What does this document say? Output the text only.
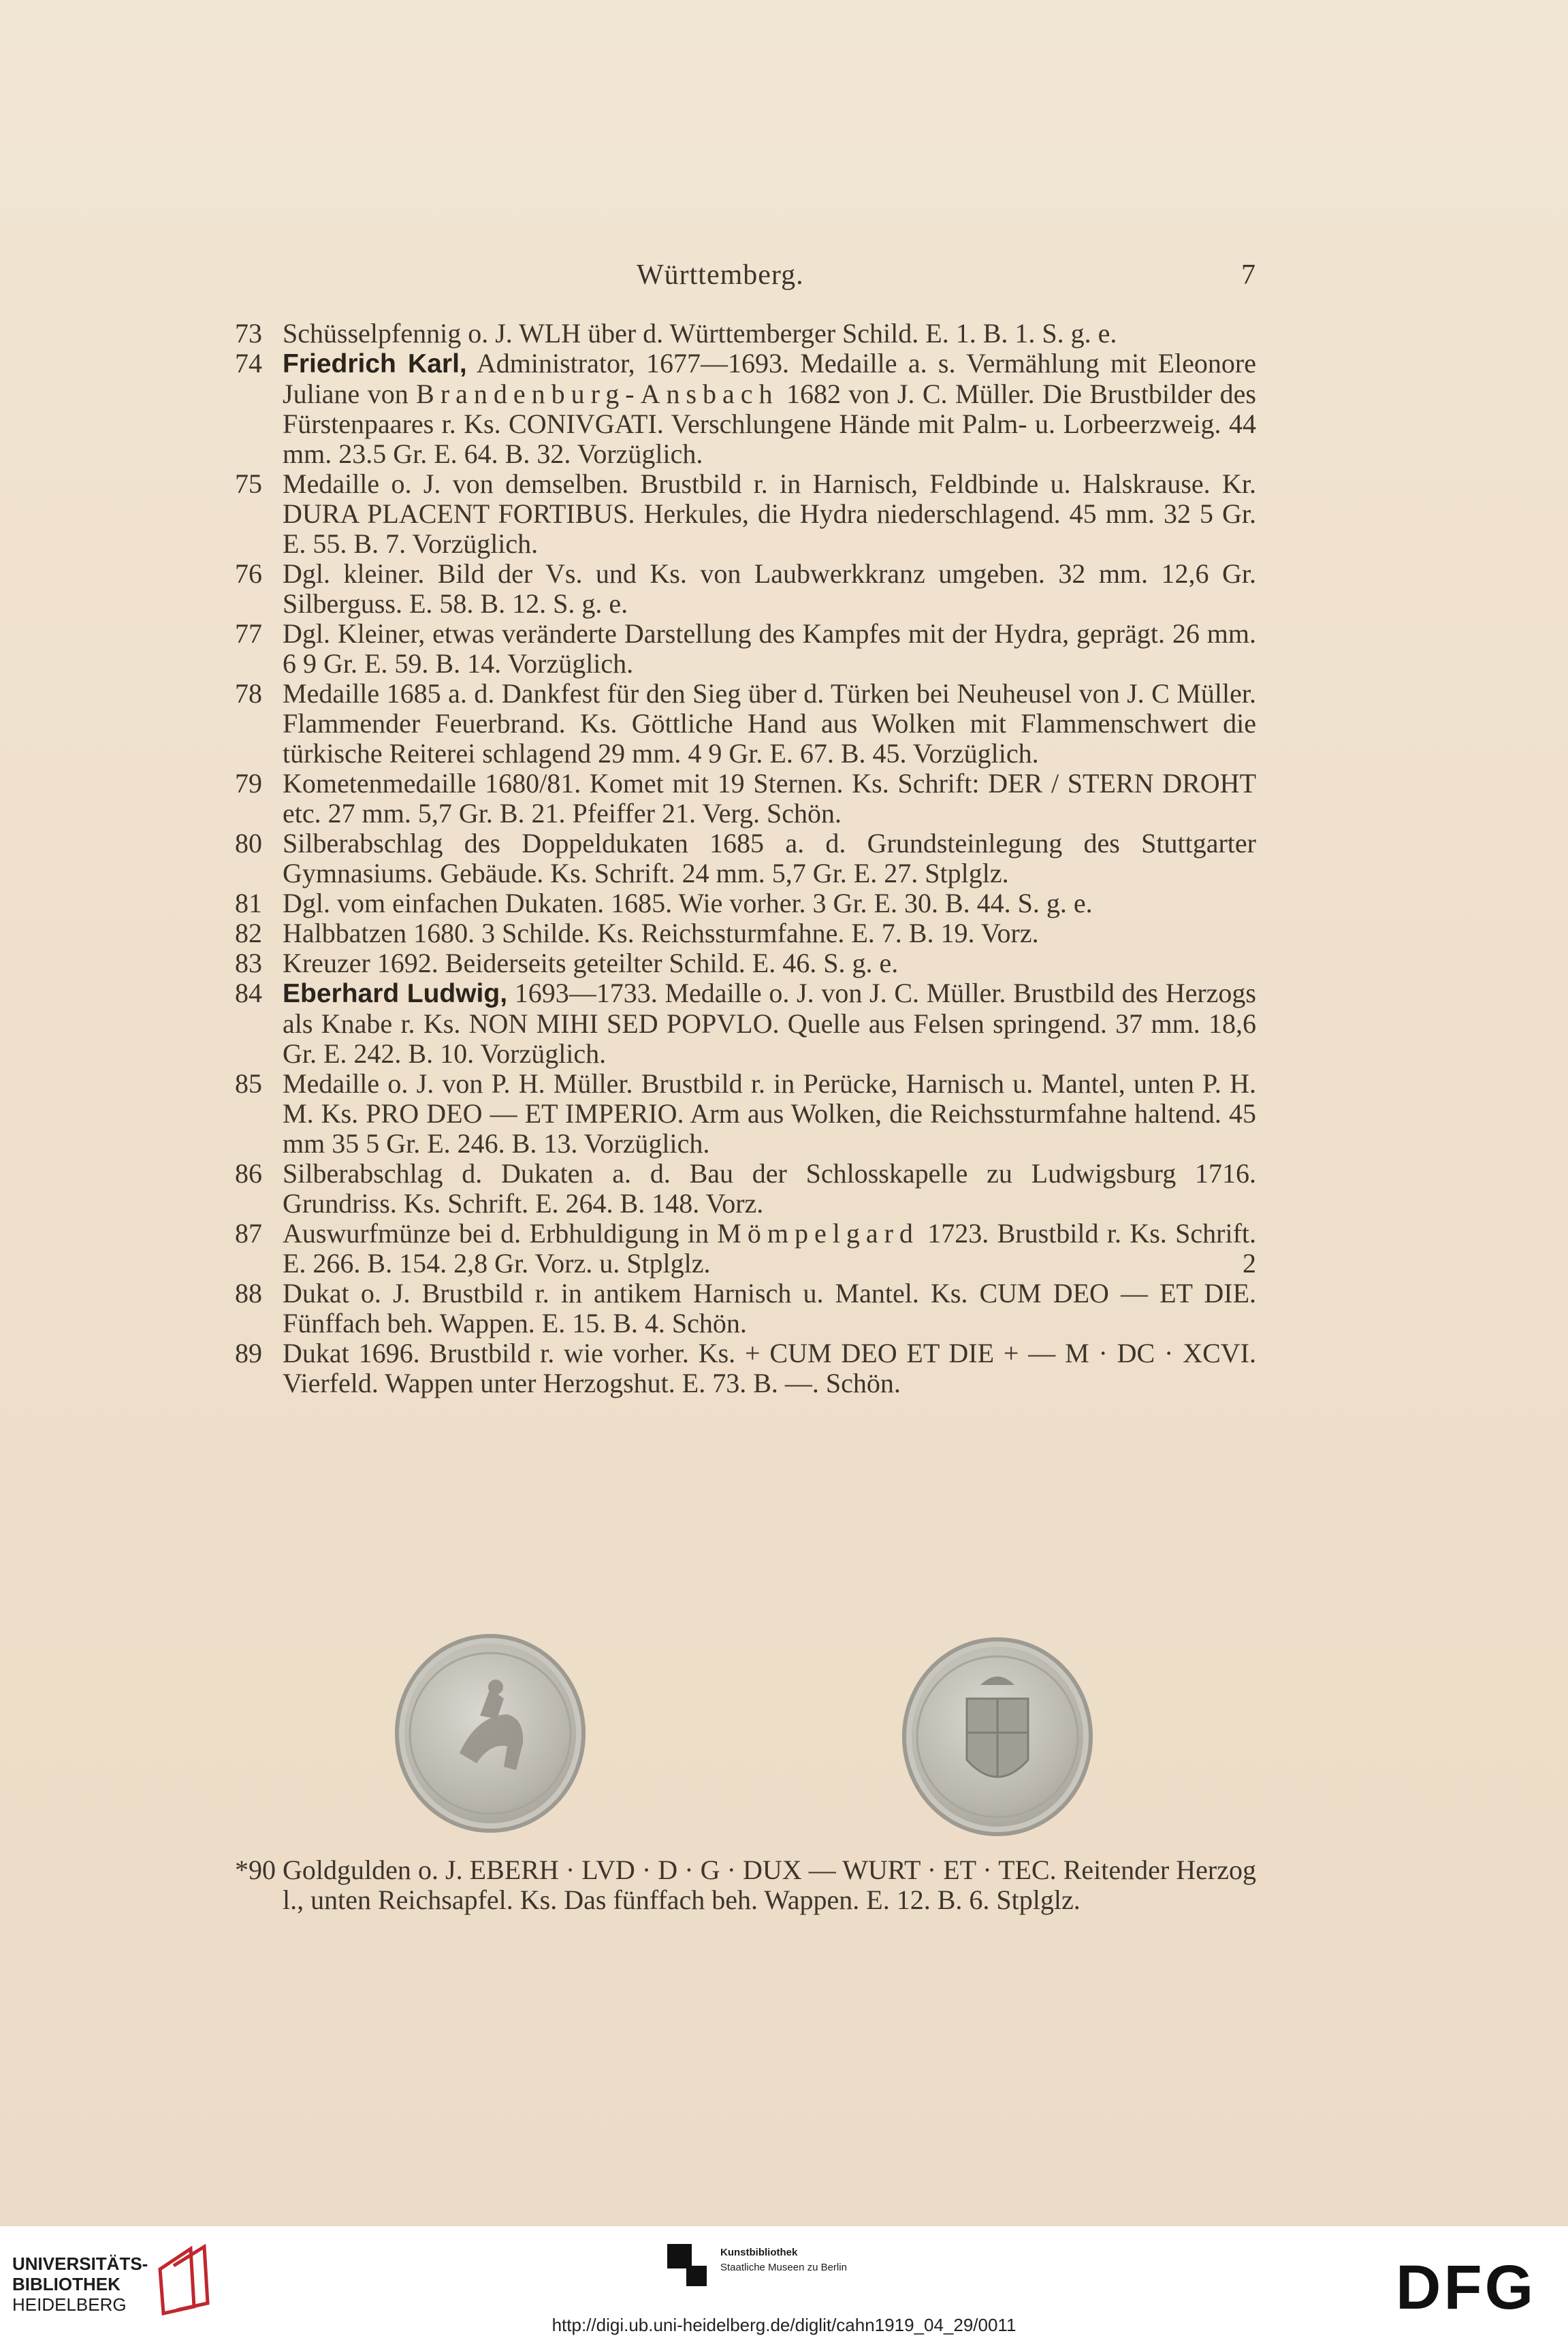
Württemberg.	7
73 Schüsselpfennig o. J. WLH über d. Württemberger Schild. E. 1. B. 1. S. g. e.
74 Friedrich Karl, Administrator, 1677—1693. Medaille a. s. Vermählung mit Eleonore Juliane von Brandenburg-Ansbach 1682 von J. C. Müller. Die Brustbilder des Fürstenpaares r. Ks. CONIVGATI. Verschlungene Hände mit Palm- u. Lorbeerzweig. 44 mm. 23.5 Gr. E. 64. B. 32. Vorzüglich.
75 Medaille o. J. von demselben. Brustbild r. in Harnisch, Feldbinde u. Halskrause. Kr. DURA PLACENT FORTIBUS. Herkules, die Hydra niederschlagend. 45 mm. 32 5 Gr. E. 55. B. 7. Vorzüglich.
76 Dgl. kleiner. Bild der Vs. und Ks. von Laubwerkkranz umgeben. 32 mm. 12,6 Gr. Silberguss. E. 58. B. 12. S. g. e.
77 Dgl. Kleiner, etwas veränderte Darstellung des Kampfes mit der Hydra, geprägt. 26 mm. 6 9 Gr. E. 59. B. 14. Vorzüglich.
78 Medaille 1685 a. d. Dankfest für den Sieg über d. Türken bei Neuheusel von J. C Müller. Flammender Feuerbrand. Ks. Göttliche Hand aus Wolken mit Flammenschwert die türkische Reiterei schlagend 29 mm. 4 9 Gr. E. 67. B. 45. Vorzüglich.
79 Kometenmedaille 1680/81. Komet mit 19 Sternen. Ks. Schrift: DER / STERN DROHT etc. 27 mm. 5,7 Gr. B. 21. Pfeiffer 21. Verg. Schön.
80 Silberabschlag des Doppeldukaten 1685 a. d. Grundsteinlegung des Stuttgarter Gymnasiums. Gebäude. Ks. Schrift. 24 mm. 5,7 Gr. E. 27. Stplglz.
81 Dgl. vom einfachen Dukaten. 1685. Wie vorher. 3 Gr. E. 30. B. 44. S. g. e.
82 Halbbatzen 1680. 3 Schilde. Ks. Reichssturmfahne. E. 7. B. 19. Vorz.
83 Kreuzer 1692. Beiderseits geteilter Schild. E. 46. S. g. e.
84 Eberhard Ludwig, 1693—1733. Medaille o. J. von J. C. Müller. Brustbild des Herzogs als Knabe r. Ks. NON MIHI SED POPVLO. Quelle aus Felsen springend. 37 mm. 18,6 Gr. E. 242. B. 10. Vorzüglich.
85 Medaille o. J. von P. H. Müller. Brustbild r. in Perücke, Harnisch u. Mantel, unten P. H. M. Ks. PRO DEO — ET IMPERIO. Arm aus Wolken, die Reichssturmfahne haltend. 45 mm 35 5 Gr. E. 246. B. 13. Vorzüglich.
86 Silberabschlag d. Dukaten a. d. Bau der Schlosskapelle zu Ludwigsburg 1716. Grundriss. Ks. Schrift. E. 264. B. 148. Vorz.
87 Auswurfmünze bei d. Erbhuldigung in Mömpelgard 1723. Brustbild r. Ks. Schrift. E. 266. B. 154. 2,8 Gr. Vorz. u. Stplglz.	2
88 Dukat o. J. Brustbild r. in antikem Harnisch u. Mantel. Ks. CUM DEO — ET DIE. Fünffach beh. Wappen. E. 15. B. 4. Schön.
89 Dukat 1696. Brustbild r. wie vorher. Ks. + CUM DEO ET DIE + — M · DC · XCVI. Vierfeld. Wappen unter Herzogshut. E. 73. B. —. Schön.
*90 Goldgulden o. J. EBERH · LVD · D · G · DUX — WURT · ET · TEC. Reitender Herzog l., unten Reichsapfel. Ks. Das fünffach beh. Wappen. E. 12. B. 6. Stplglz.
UNIVERSITÄTS-
BIBLIOTHEK
HEIDELBERG
Kunstbibliothek
Staatliche Museen zu Berlin	DFG
http://digi.ub.uni-heidelberg.de/diglit/cahn1919_04_29/0011
